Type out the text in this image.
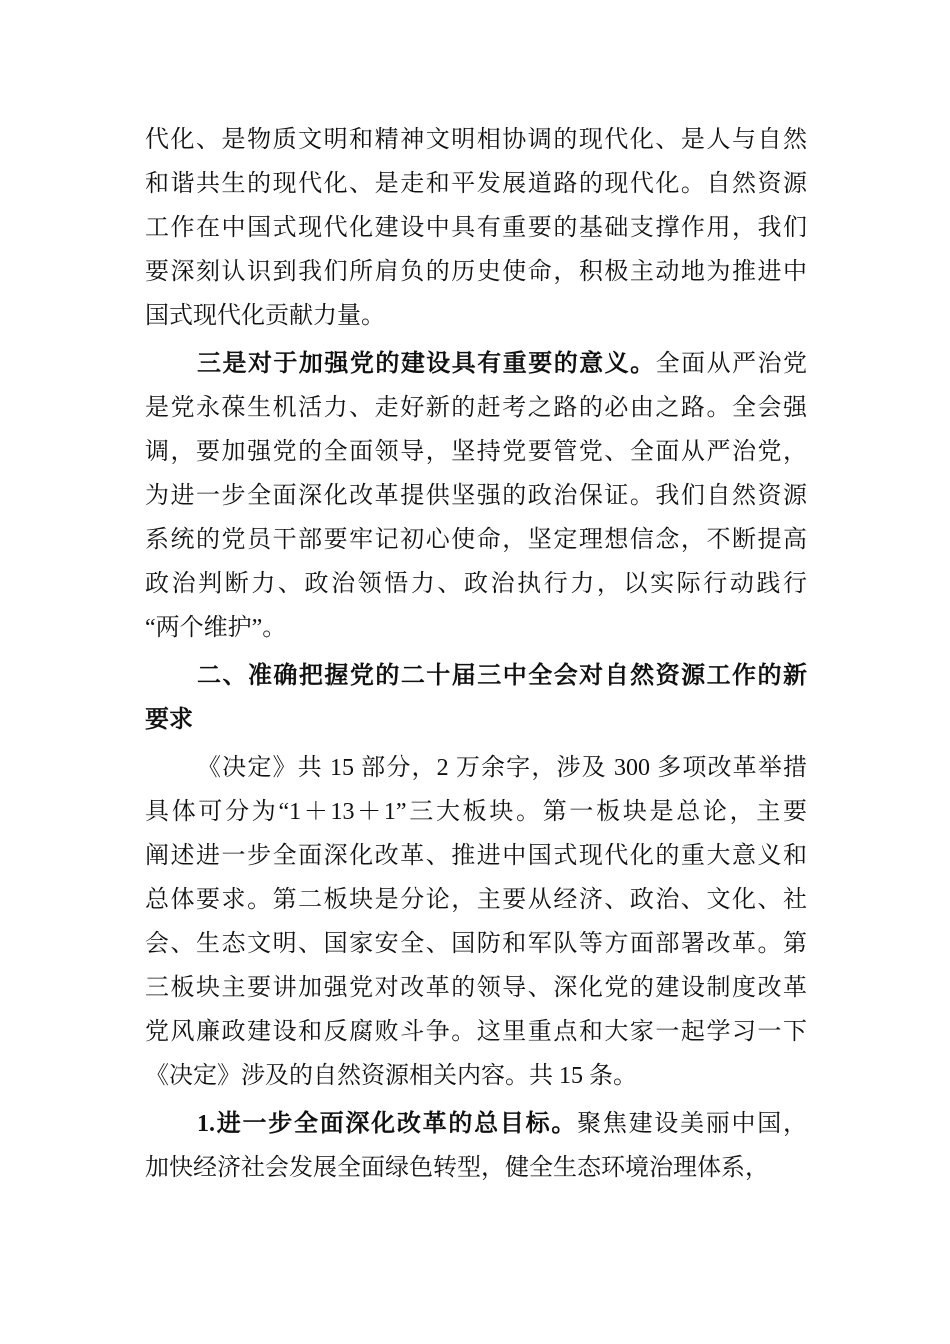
代化、是物质文明和精神文明相协调的现代化、是人与自然
和谐共生的现代化、是走和平发展道路的现代化。自然资源
工作在中国式现代化建设中具有重要的基础支撑作用，我们
要深刻认识到我们所肩负的历史使命，积极主动地为推进中
国式现代化贡献力量。
三是对于加强党的建设具有重要的意义。全面从严治党
是党永葆生机活力、走好新的赶考之路的必由之路。全会强
调，要加强党的全面领导，坚持党要管党、全面从严治党，
为进一步全面深化改革提供坚强的政治保证。我们自然资源
系统的党员干部要牢记初心使命，坚定理想信念，不断提高
政治判断力、政治领悟力、政治执行力，以实际行动践行
“两个维护”。
二、准确把握党的二十届三中全会对自然资源工作的新
要求
《决定》共 15 部分，2 万余字，涉及 300 多项改革举措
具体可分为“1＋13＋1”三大板块。第一板块是总论，主要
阐述进一步全面深化改革、推进中国式现代化的重大意义和
总体要求。第二板块是分论，主要从经济、政治、文化、社
会、生态文明、国家安全、国防和军队等方面部署改革。第
三板块主要讲加强党对改革的领导、深化党的建设制度改革
党风廉政建设和反腐败斗争。这里重点和大家一起学习一下
《决定》涉及的自然资源相关内容。共 15 条。
1.进一步全面深化改革的总目标。聚焦建设美丽中国，
加快经济社会发展全面绿色转型，健全生态环境治理体系，
